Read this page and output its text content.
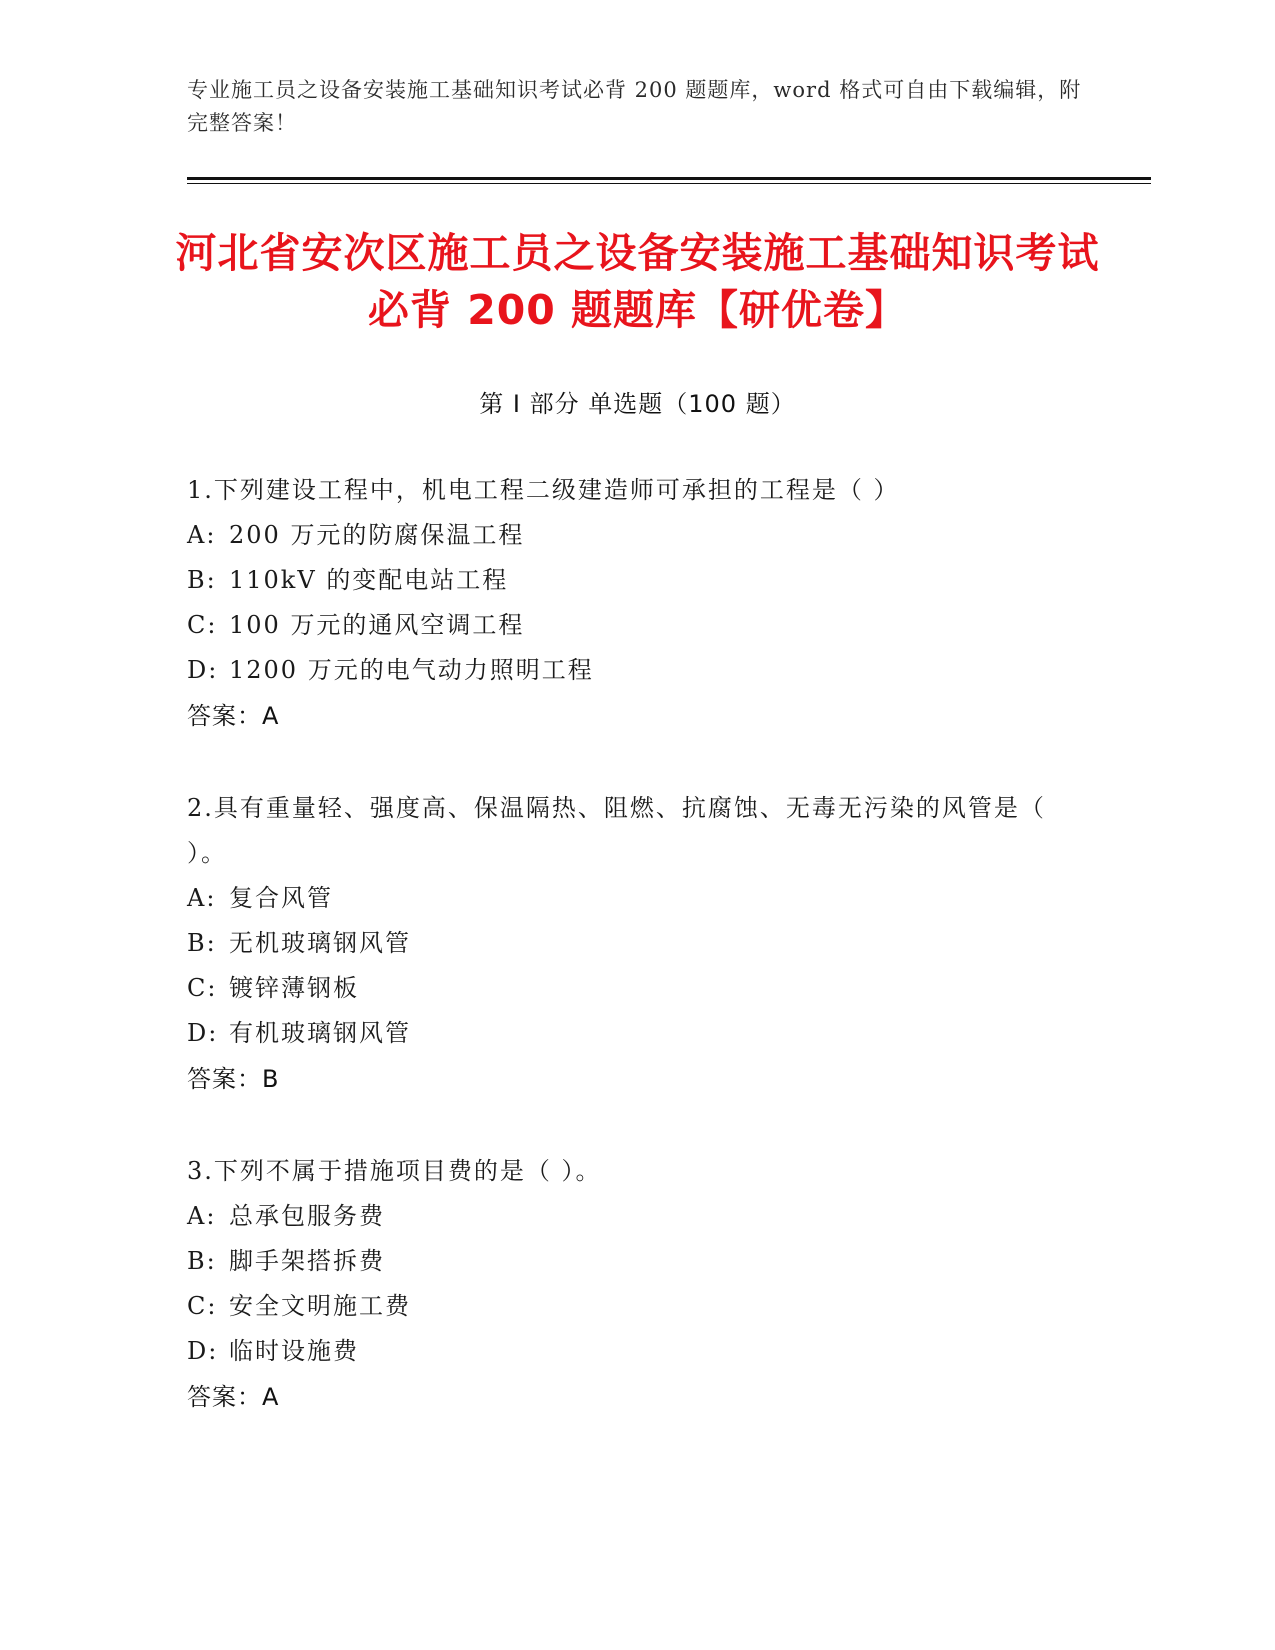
专业施工员之设备安装施工基础知识考试必背 200 题题库，word 格式可自由下载编辑，附完整答案！
河北省安次区施工员之设备安装施工基础知识考试必背 200 题题库【研优卷】
第 I 部分 单选题（100 题）
1.下列建设工程中，机电工程二级建造师可承担的工程是（ ）
A: 200 万元的防腐保温工程
B: 110kV 的变配电站工程
C: 100 万元的通风空调工程
D: 1200 万元的电气动力照明工程
答案：A
2.具有重量轻、强度高、保温隔热、阻燃、抗腐蚀、无毒无污染的风管是（ ）。
A: 复合风管
B: 无机玻璃钢风管
C: 镀锌薄钢板
D: 有机玻璃钢风管
答案：B
3.下列不属于措施项目费的是（ ）。
A: 总承包服务费
B: 脚手架搭拆费
C: 安全文明施工费
D: 临时设施费
答案：A
